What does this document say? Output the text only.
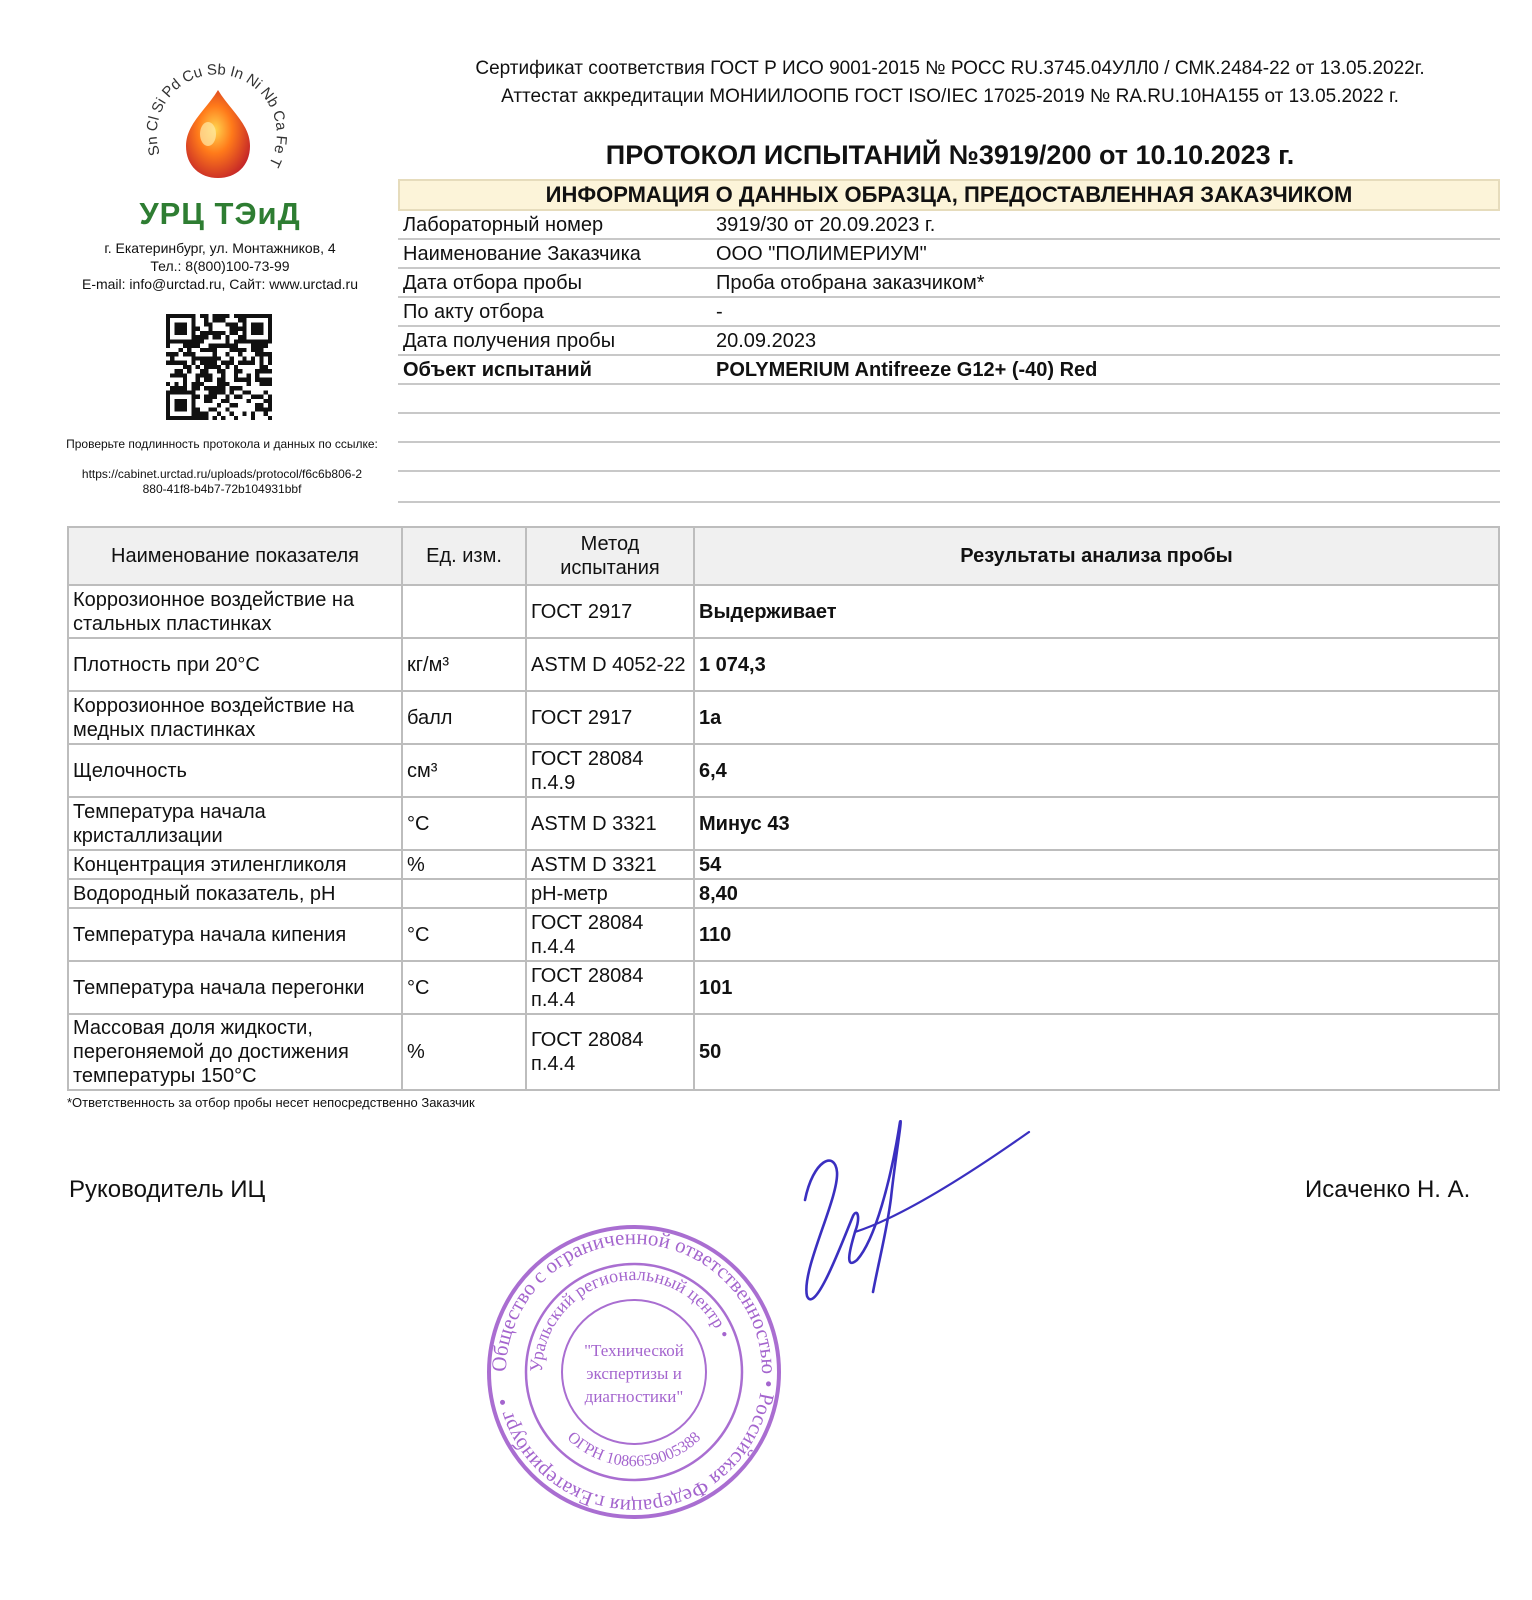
Sn Cl Si Pd Cu Sb In Ni Nb Ca Fe T
УРЦ ТЭиД
г. Екатеринбург, ул. Монтажников, 4
Тел.: 8(800)100-73-99
E-mail: info@urctad.ru, Сайт: www.urctad.ru
Проверьте подлинность протокола и данных по ссылке:
https://cabinet.urctad.ru/uploads/protocol/f6c6b806-2
880-41f8-b4b7-72b104931bbf
Сертификат соответствия ГОСТ Р ИСО 9001-2015 № РОСС RU.3745.04УЛЛ0 / СМК.2484-22 от 13.05.2022г.
Аттестат аккредитации МОНИИЛООПБ ГОСТ ISO/IEC 17025-2019 № RA.RU.10НА155 от 13.05.2022 г.
ПРОТОКОЛ ИСПЫТАНИЙ №3919/200 от 10.10.2023 г.
ИНФОРМАЦИЯ О ДАННЫХ ОБРАЗЦА, ПРЕДОСТАВЛЕННАЯ ЗАКАЗЧИКОМ
Лабораторный номер	3919/30 от 20.09.2023 г.
Наименование Заказчика	ООО "ПОЛИМЕРИУМ"
Дата отбора пробы	Проба отобрана заказчиком*
По акту отбора	-
Дата получения пробы	20.09.2023
Объект испытаний	POLYMERIUM Antifreeze G12+ (-40) Red
Наименование показателя	Ед. изм.	Метод испытания	Результаты анализа пробы
Коррозионное воздействие на стальных пластинках		ГОСТ 2917	Выдерживает
Плотность при 20°С	кг/м³	ASTM D 4052-22	1 074,3
Коррозионное воздействие на медных пластинках	балл	ГОСТ 2917	1а
Щелочность	см³	ГОСТ 28084 п.4.9	6,4
Температура начала кристаллизации	°С	ASTM D 3321	Минус 43
Концентрация этиленгликоля	%	ASTM D 3321	54
Водородный показатель, pH		pH-метр	8,40
Температура начала кипения	°С	ГОСТ 28084 п.4.4	110
Температура начала перегонки	°С	ГОСТ 28084 п.4.4	101
Массовая доля жидкости, перегоняемой до достижения температуры 150°С	%	ГОСТ 28084 п.4.4	50
*Ответственность за отбор пробы несет непосредственно Заказчик
Руководитель ИЦ	Исаченко Н. А.
Общество с ограниченной ответственностью • Российская Федерация г.Екатеринбург •
Уральский региональный центр •
ОГРН 1086659005388
"Технической
экспертизы и
диагностики"
